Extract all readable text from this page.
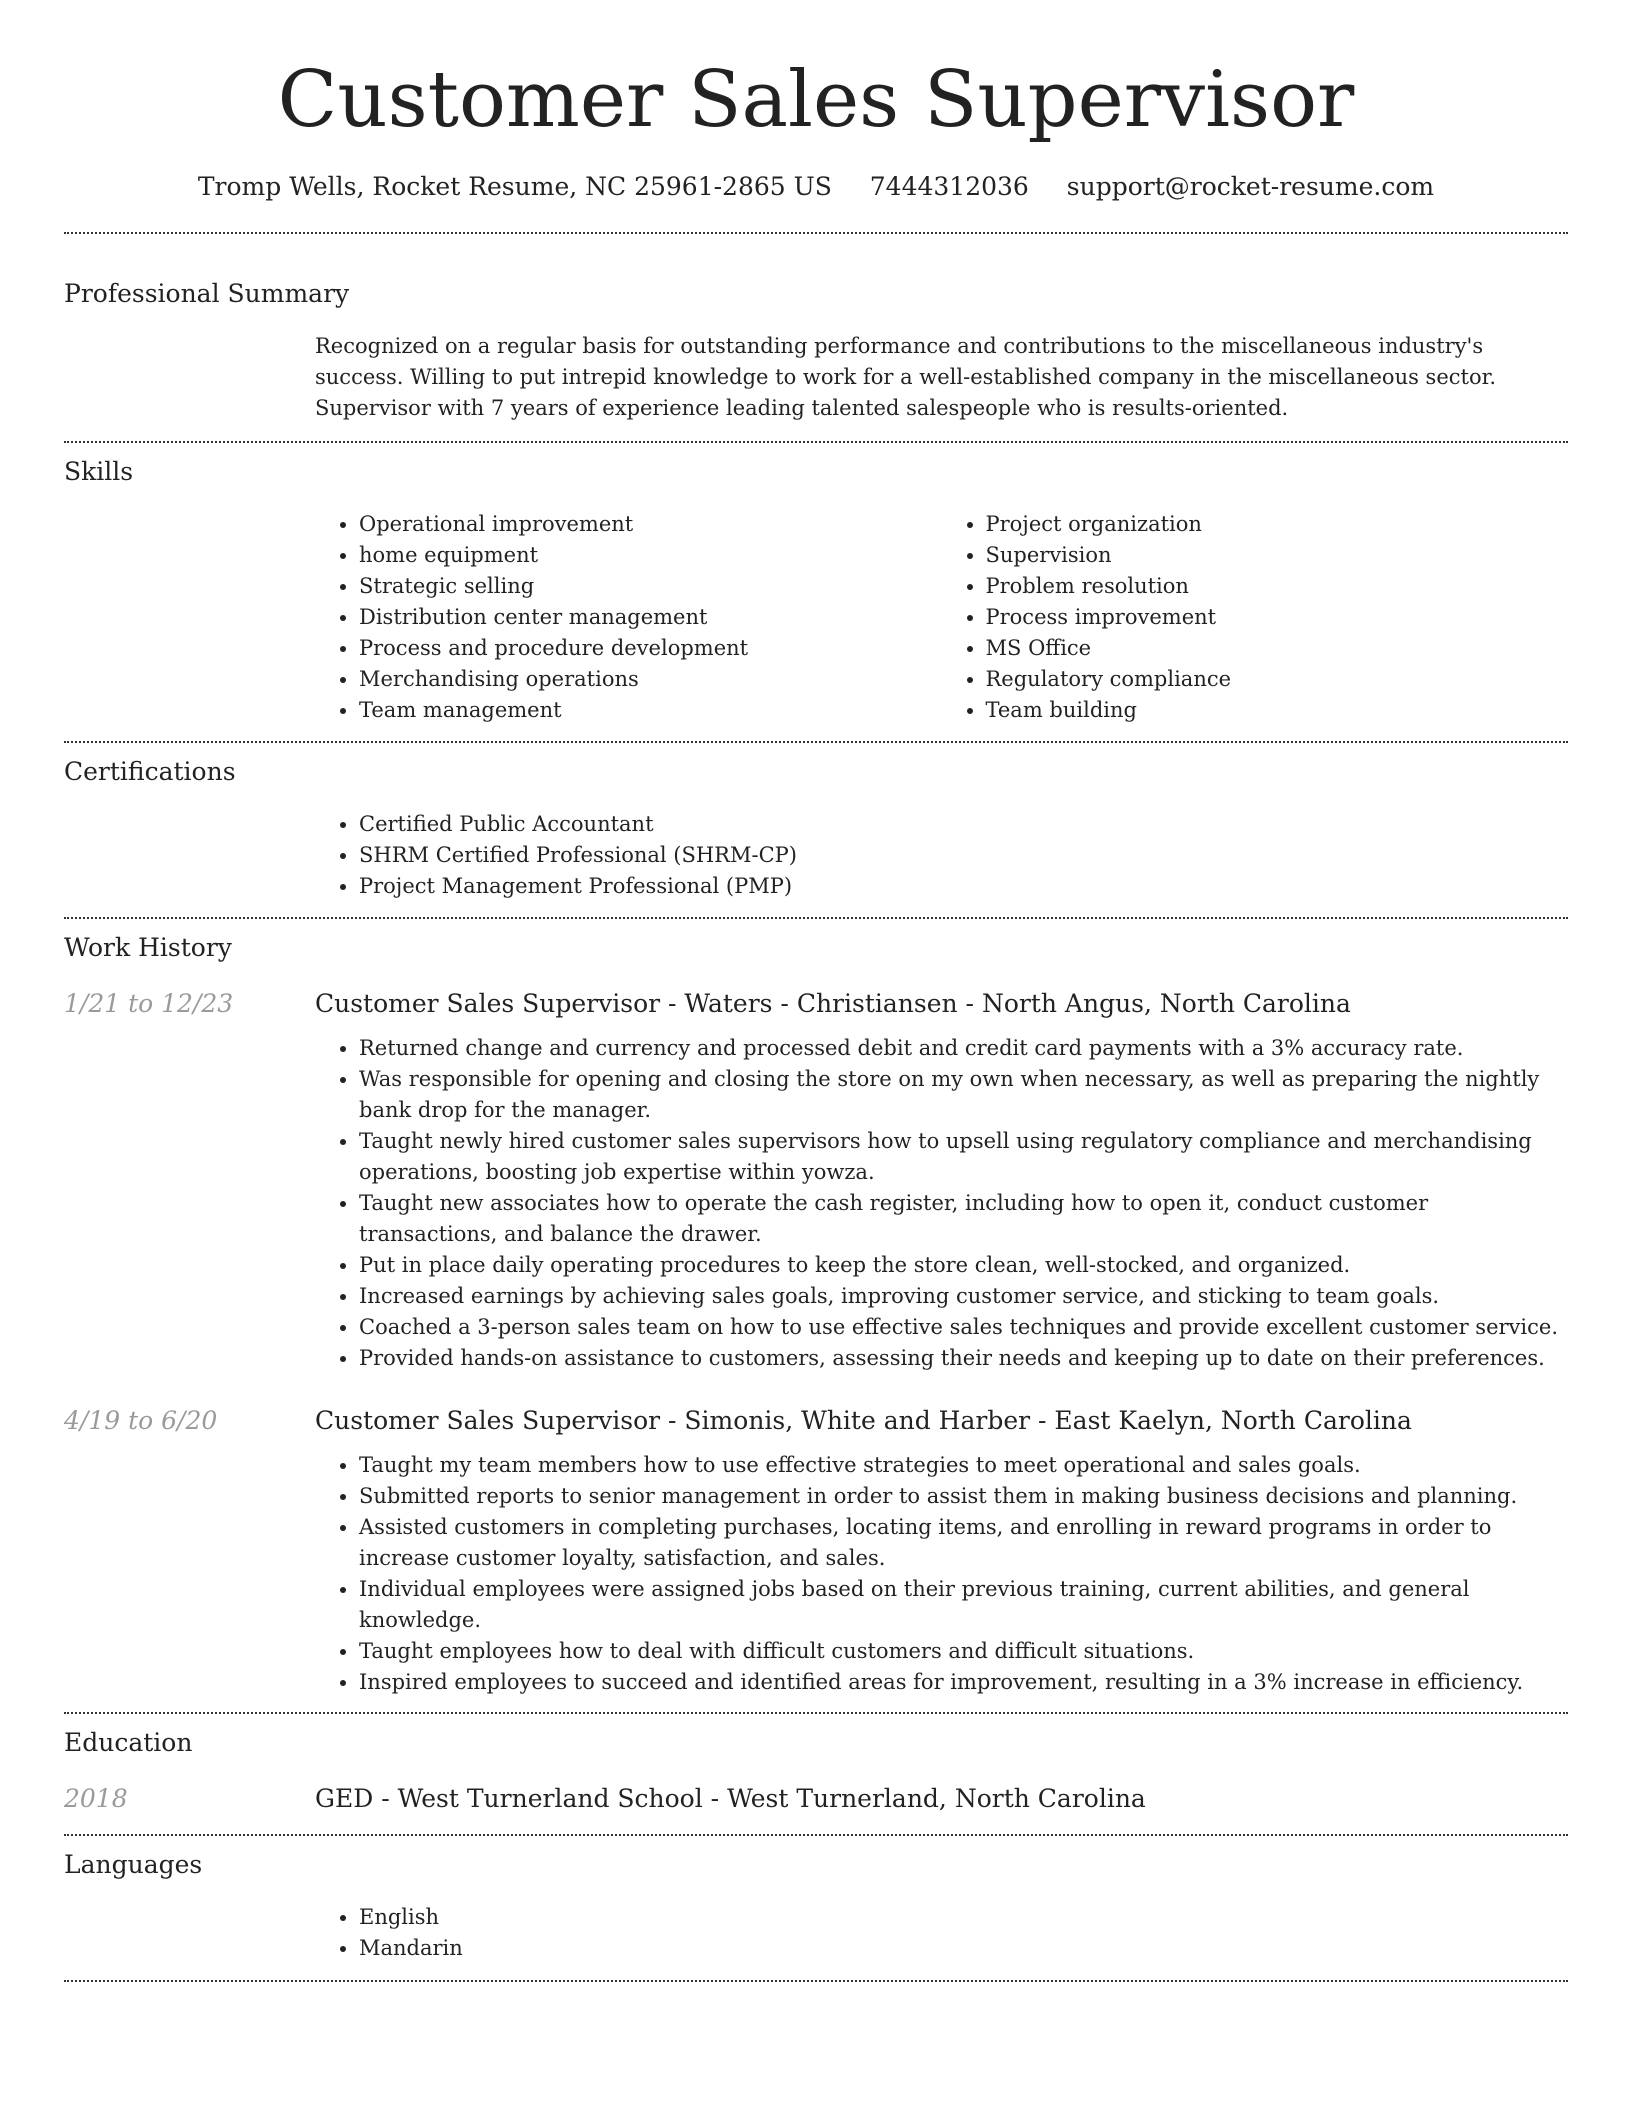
Customer Sales Supervisor
Tromp Wells, Rocket Resume, NC 25961-2865 US 7444312036 support@rocket-resume.com
Professional Summary
Recognized on a regular basis for outstanding performance and contributions to the miscellaneous industry's success. Willing to put intrepid knowledge to work for a well-established company in the miscellaneous sector. Supervisor with 7 years of experience leading talented salespeople who is results-oriented.
Skills
• Operational improvement
• home equipment
• Strategic selling
• Distribution center management
• Process and procedure development
• Merchandising operations
• Team management
• Project organization
• Supervision
• Problem resolution
• Process improvement
• MS Office
• Regulatory compliance
• Team building
Certifications
• Certified Public Accountant
• SHRM Certified Professional (SHRM-CP)
• Project Management Professional (PMP)
Work History
1/21 to 12/23	Customer Sales Supervisor - Waters - Christiansen - North Angus, North Carolina
• Returned change and currency and processed debit and credit card payments with a 3% accuracy rate.
• Was responsible for opening and closing the store on my own when necessary, as well as preparing the nightly bank drop for the manager.
• Taught newly hired customer sales supervisors how to upsell using regulatory compliance and merchandising operations, boosting job expertise within yowza.
• Taught new associates how to operate the cash register, including how to open it, conduct customer transactions, and balance the drawer.
• Put in place daily operating procedures to keep the store clean, well-stocked, and organized.
• Increased earnings by achieving sales goals, improving customer service, and sticking to team goals.
• Coached a 3-person sales team on how to use effective sales techniques and provide excellent customer service.
• Provided hands-on assistance to customers, assessing their needs and keeping up to date on their preferences.
4/19 to 6/20	Customer Sales Supervisor - Simonis, White and Harber - East Kaelyn, North Carolina
• Taught my team members how to use effective strategies to meet operational and sales goals.
• Submitted reports to senior management in order to assist them in making business decisions and planning.
• Assisted customers in completing purchases, locating items, and enrolling in reward programs in order to increase customer loyalty, satisfaction, and sales.
• Individual employees were assigned jobs based on their previous training, current abilities, and general knowledge.
• Taught employees how to deal with difficult customers and difficult situations.
• Inspired employees to succeed and identified areas for improvement, resulting in a 3% increase in efficiency.
Education
2018	GED - West Turnerland School - West Turnerland, North Carolina
Languages
• English
• Mandarin
